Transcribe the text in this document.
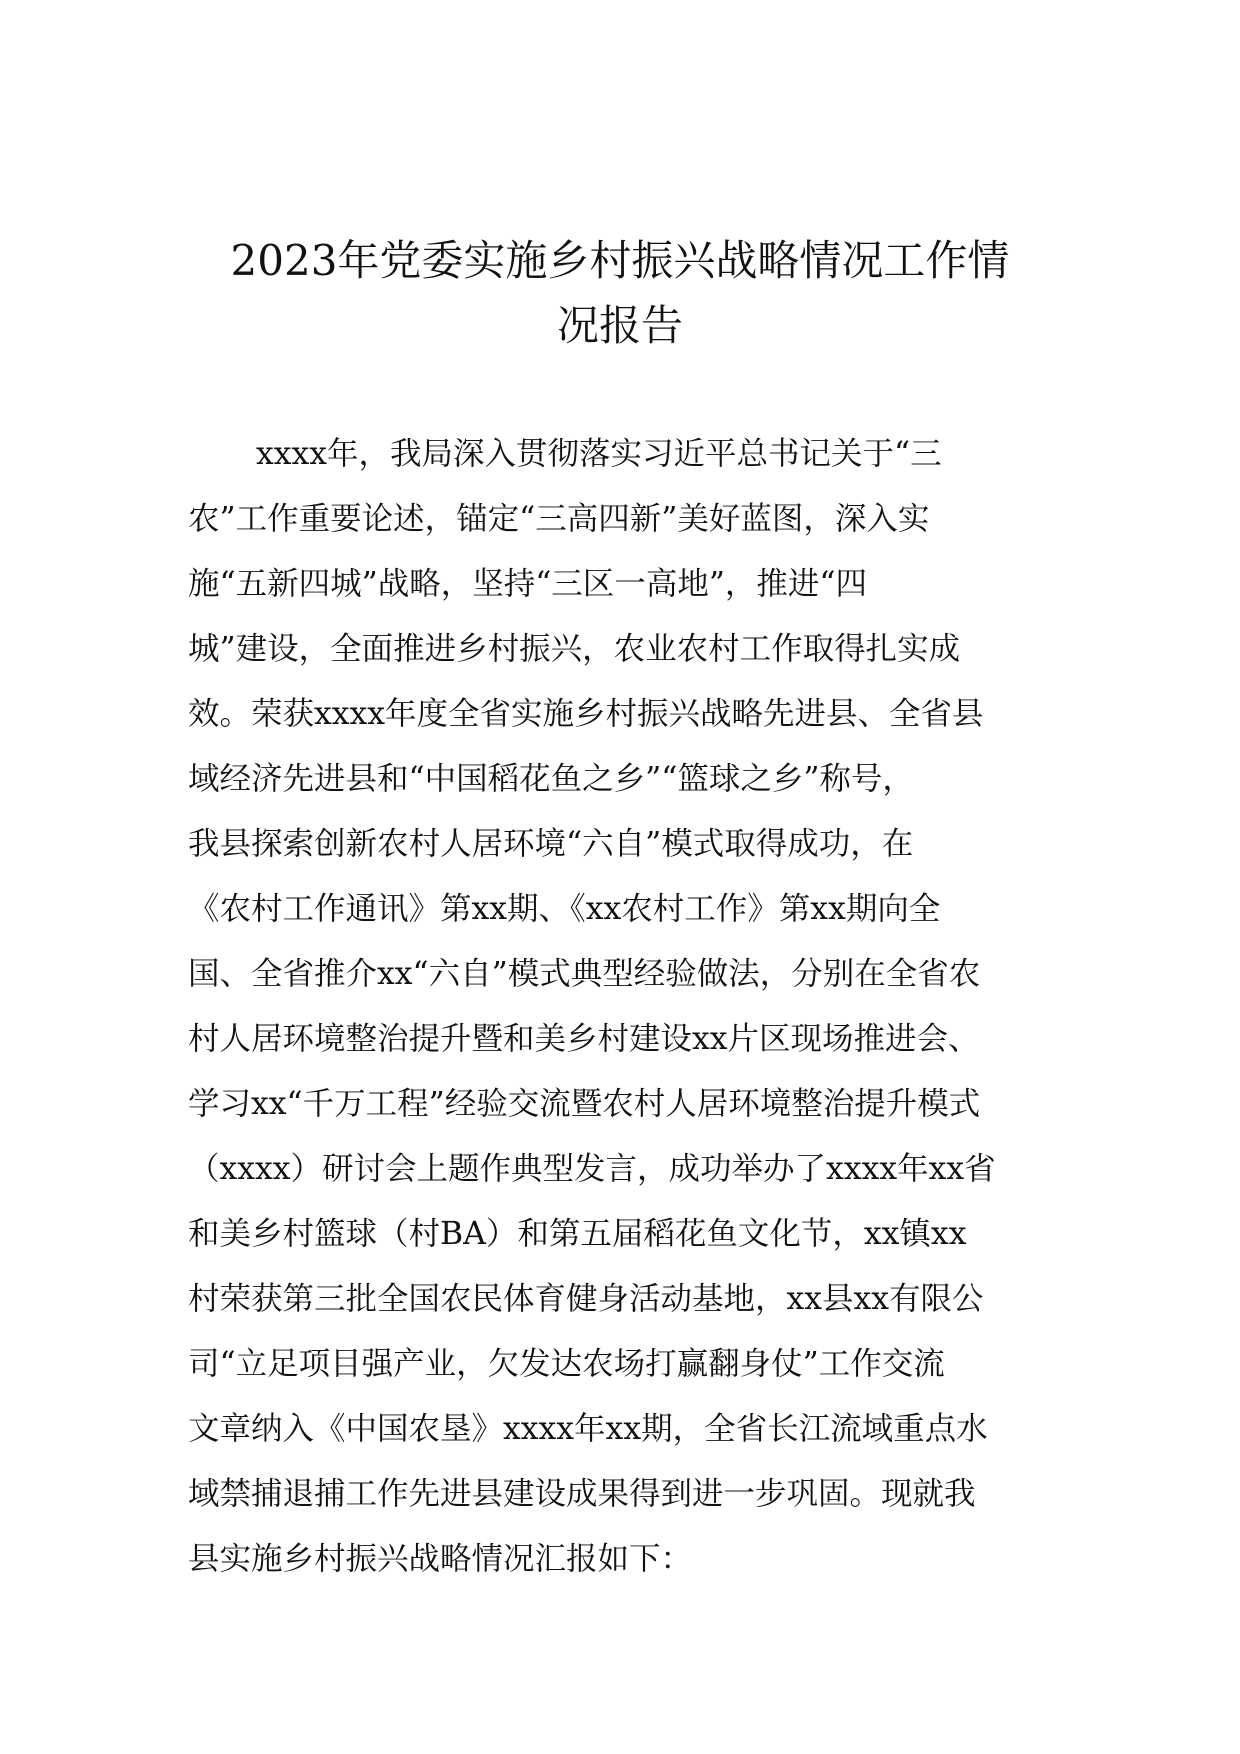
2023年党委实施乡村振兴战略情况工作情
况报告

xxxx年，我局深入贯彻落实习近平总书记关于“三

农”工作重要论述，锚定“三高四新”美好蓝图，深入实

施“五新四城”战略，坚持“三区一高地”，推进“四

城”建设，全面推进乡村振兴，农业农村工作取得扎实成

效。荣获xxxx年度全省实施乡村振兴战略先进县、全省县

域经济先进县和“中国稻花鱼之乡”“篮球之乡”称号，

我县探索创新农村人居环境“六自”模式取得成功，在

《农村工作通讯》第xx期、《xx农村工作》第xx期向全

国、全省推介xx“六自”模式典型经验做法，分别在全省农

村人居环境整治提升暨和美乡村建设xx片区现场推进会、

学习xx“千万工程”经验交流暨农村人居环境整治提升模式

（xxxx）研讨会上题作典型发言，成功举办了xxxx年xx省

和美乡村篮球（村BA）和第五届稻花鱼文化节，xx镇xx

村荣获第三批全国农民体育健身活动基地，xx县xx有限公

司“立足项目强产业，欠发达农场打赢翻身仗”工作交流

文章纳入《中国农垦》xxxx年xx期，全省长江流域重点水

域禁捕退捕工作先进县建设成果得到进一步巩固。现就我

县实施乡村振兴战略情况汇报如下：
